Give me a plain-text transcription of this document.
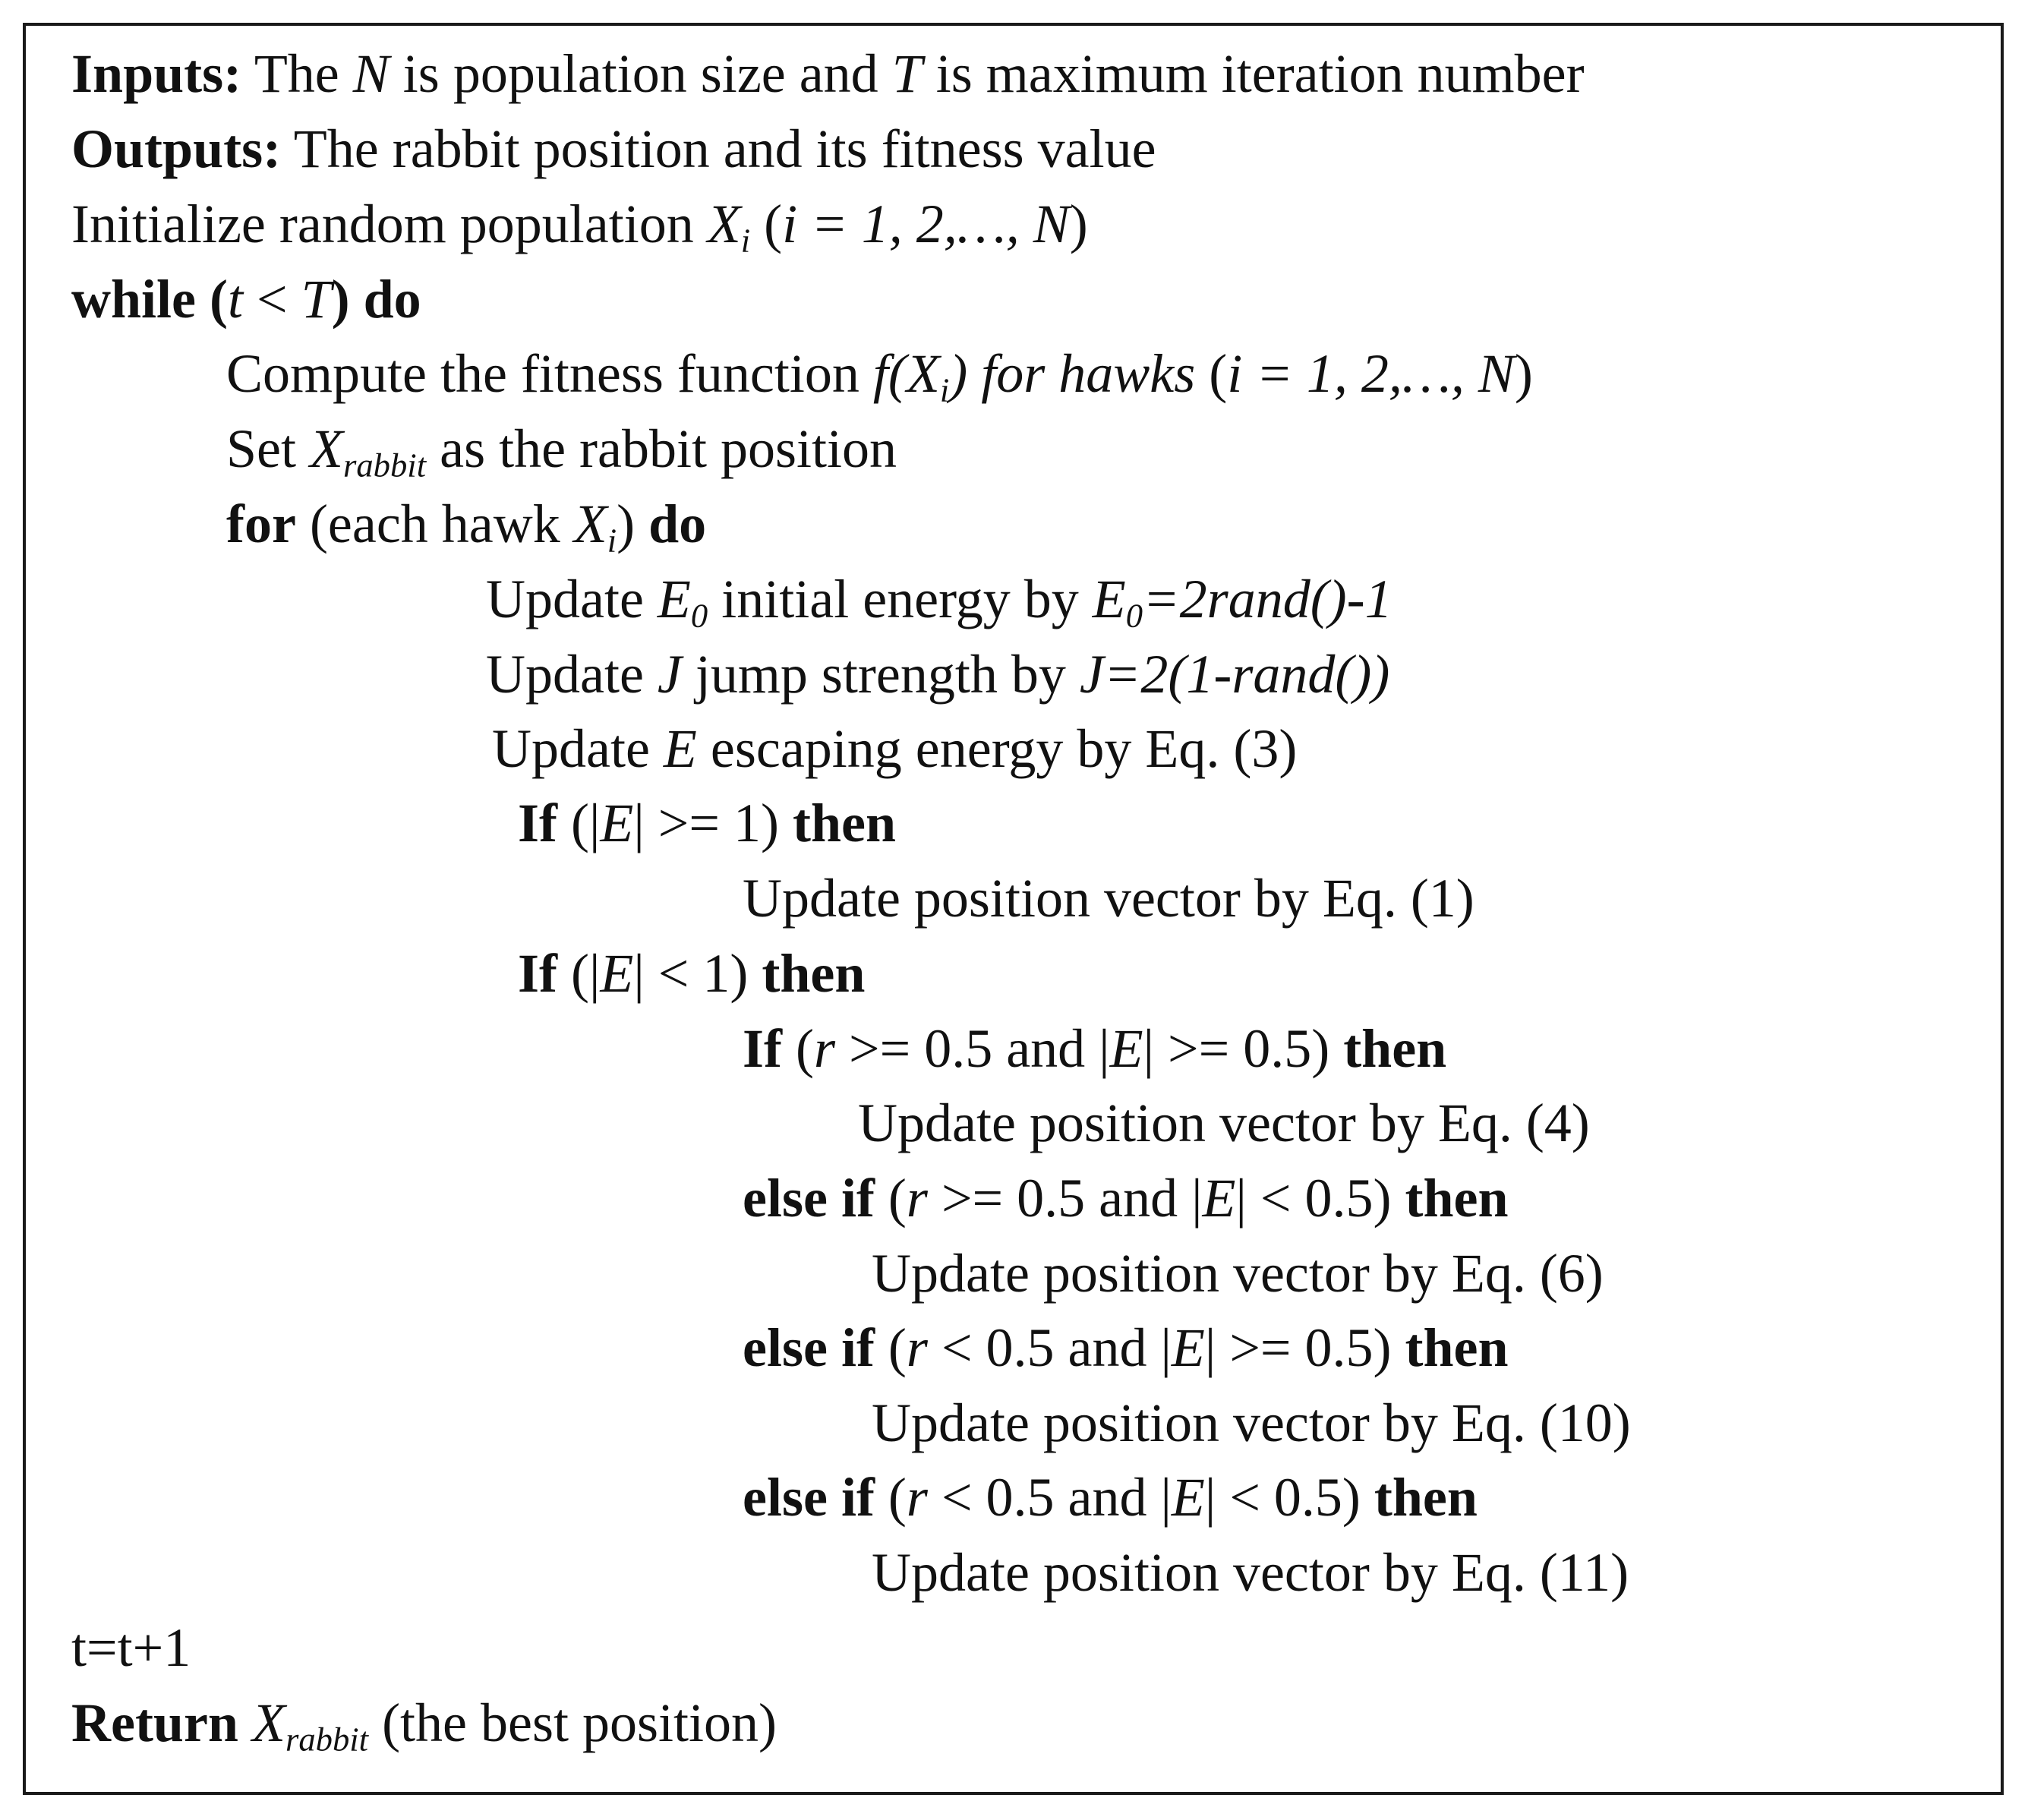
Inputs: The N is population size and T is maximum iteration number
Outputs: The rabbit position and its fitness value
Initialize random population $X_i$ (i = 1, 2,…, N)
while (t < T) do
Compute the fitness function $f(X_i)$ for hawks (i = 1, 2,…, N)
Set $X_{rabbit}$ as the rabbit position
for (each hawk $X_i$) do
Update $E_0$ initial energy by $E_0=2rand()-1$
Update J jump strength by J=2(1-rand())
Update E escaping energy by Eq. (3)
If (|E| >= 1) then
Update position vector by Eq. (1)
If (|E| < 1) then
If (r >= 0.5 and |E| >= 0.5) then
Update position vector by Eq. (4)
else if (r >= 0.5 and |E| < 0.5) then
Update position vector by Eq. (6)
else if (r < 0.5 and |E| >= 0.5) then
Update position vector by Eq. (10)
else if (r < 0.5 and |E| < 0.5) then
Update position vector by Eq. (11)
t=t+1
Return $X_{rabbit}$ (the best position)
